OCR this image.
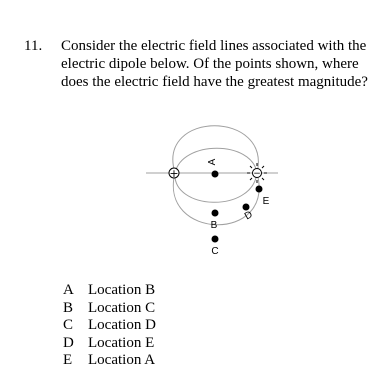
11. Consider the electric field lines associated with the
electric dipole below. Of the points shown, where
does the electric field have the greatest magnitude?
+	−
A
B
C
D
E
A Location B
B Location C
C Location D
D Location E
E Location A
